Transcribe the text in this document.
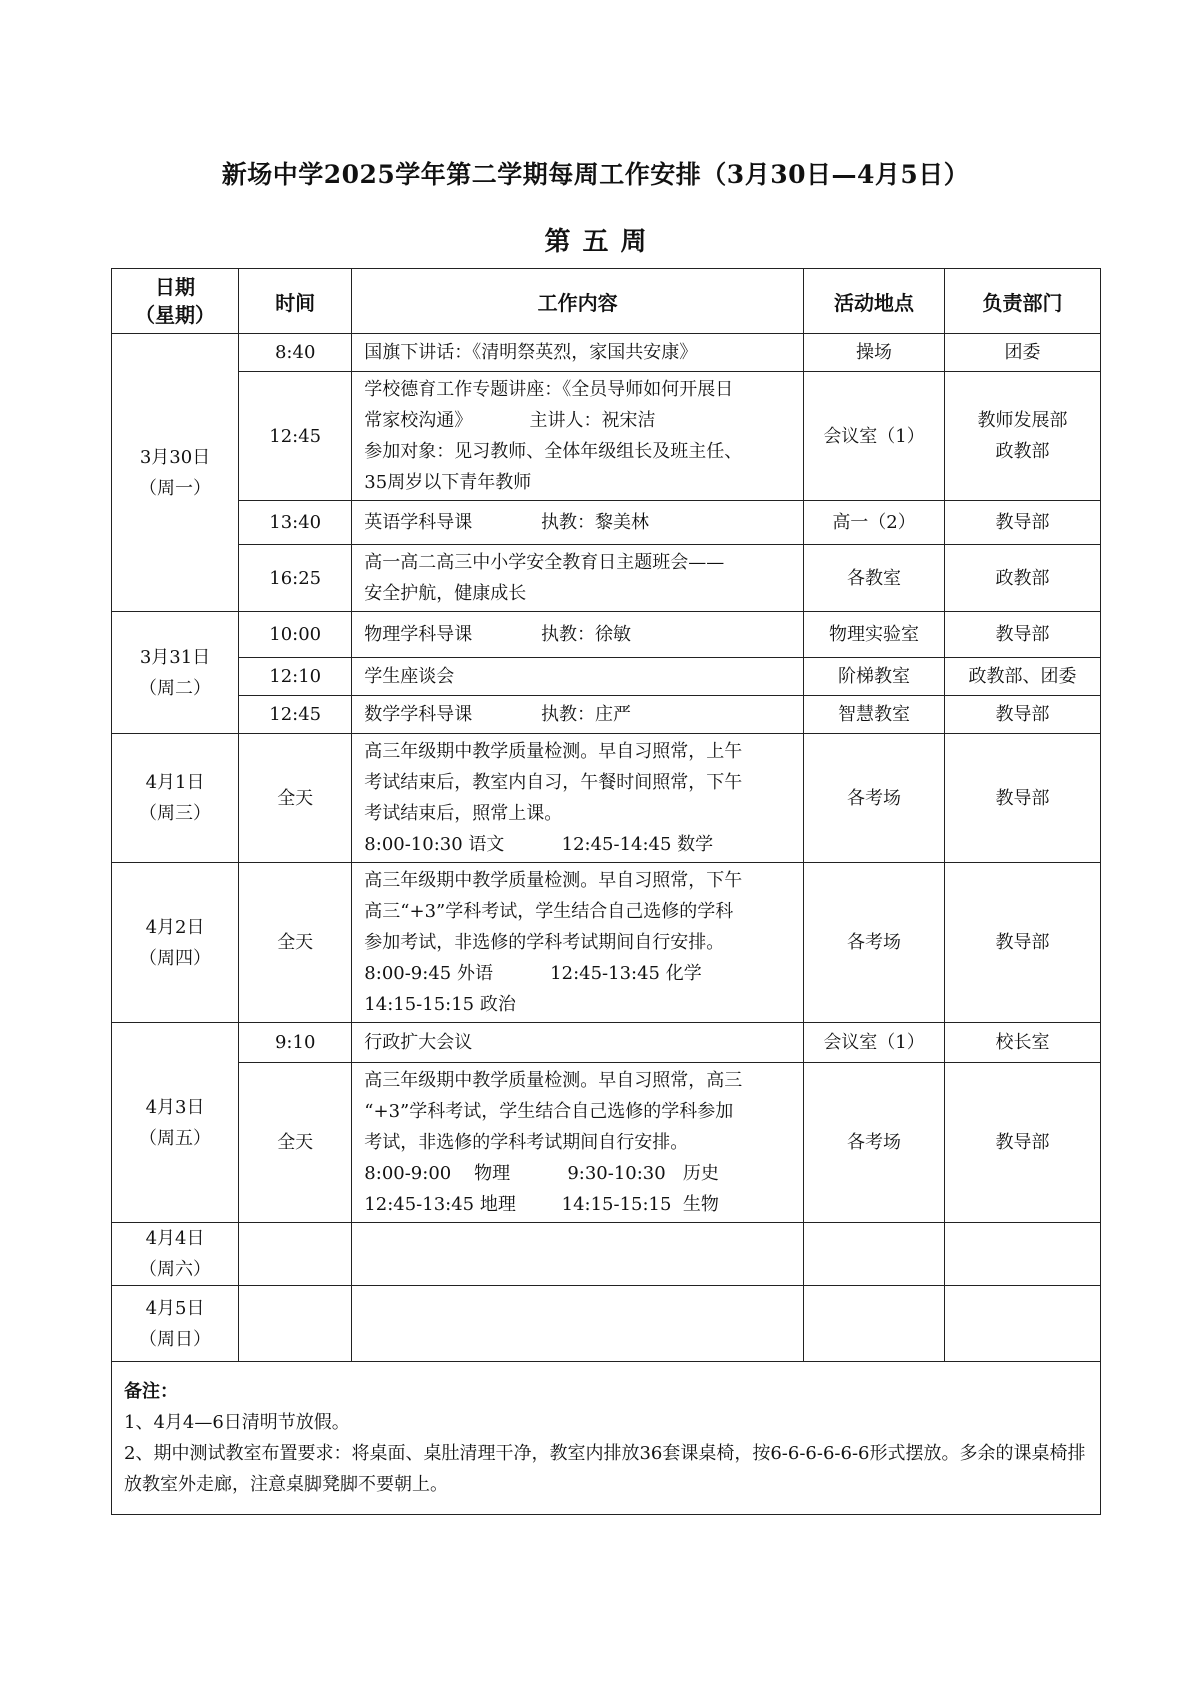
新场中学2025学年第二学期每周工作安排（3月30日—4月5日）
第 五 周
日期
（星期）	时间	工作内容	活动地点	负责部门

3月30日
（周一）	8:40	国旗下讲话：《清明祭英烈，家国共安康》	操场	团委

	12:45	学校德育工作专题讲座：《全员导师如何开展日
常家校沟通》          主讲人：祝宋洁
参加对象：见习教师、全体年级组长及班主任、
35周岁以下青年教师	会议室（1）	教师发展部
政教部

	13:40	英语学科导课            执教：黎美林	高一（2）	教导部

	16:25	高一高二高三中小学安全教育日主题班会——
安全护航，健康成长	各教室	政教部

3月31日
（周二）	10:00	物理学科导课            执教：徐敏	物理实验室	教导部

	12:10	学生座谈会	阶梯教室	政教部、团委

	12:45	数学学科导课            执教：庄严	智慧教室	教导部

4月1日
（周三）	全天	高三年级期中教学质量检测。早自习照常，上午
考试结束后，教室内自习，午餐时间照常，下午
考试结束后，照常上课。
8:00-10:30 语文          12:45-14:45 数学	各考场	教导部

4月2日
（周四）	全天	高三年级期中教学质量检测。早自习照常，下午
高三“+3”学科考试，学生结合自己选修的学科
参加考试，非选修的学科考试期间自行安排。
8:00-9:45 外语          12:45-13:45 化学
14:15-15:15 政治	各考场	教导部

4月3日
（周五）	9:10	行政扩大会议	会议室（1）	校长室

	全天	高三年级期中教学质量检测。早自习照常，高三
“+3”学科考试，学生结合自己选修的学科参加
考试，非选修的学科考试期间自行安排。
8:00-9:00    物理          9:30-10:30   历史
12:45-13:45 地理        14:15-15:15  生物	各考场	教导部

4月4日
（周六）				

4月5日
（周日）				

备注：
1、4月4—6日清明节放假。
2、期中测试教室布置要求：将桌面、桌肚清理干净，教室内排放36套课桌椅，按6-6-6-6-6-6形式摆放。多余的课桌椅排放教室外走廊，注意桌脚凳脚不要朝上。				
